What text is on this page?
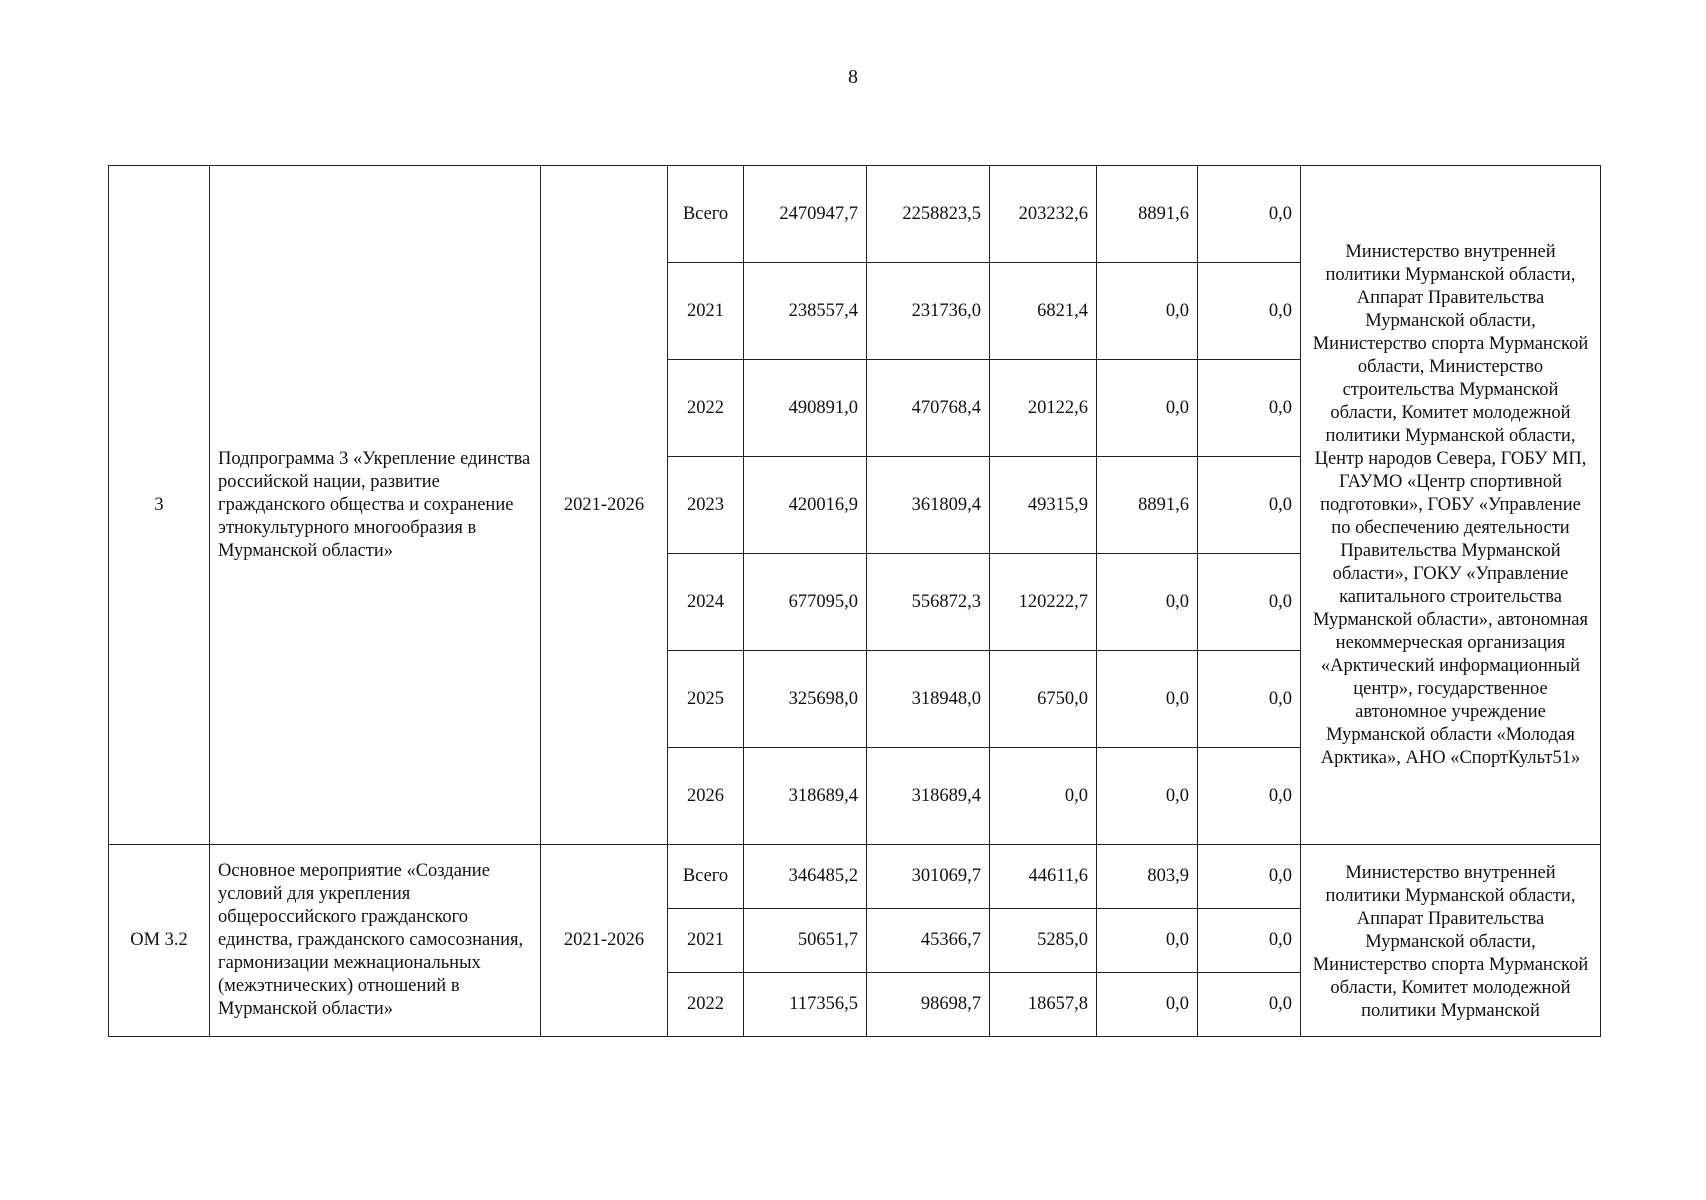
8
3	Подпрограмма 3 «Укрепление единства российской нации, развитие гражданского общества и сохранение этнокультурного многообразия в Мурманской области»	2021-2026	Всего	2470947,7	2258823,5	203232,6	8891,6	0,0	Министерство внутренней политики Мурманской области, Аппарат Правительства Мурманской области, Министерство спорта Мурманской области, Министерство строительства Мурманской области, Комитет молодежной политики Мурманской области, Центр народов Севера, ГОБУ МП, ГАУМО «Центр спортивной подготовки», ГОБУ «Управление по обеспечению деятельности Правительства Мурманской области», ГОКУ «Управление капитального строительства Мурманской области», автономная некоммерческая организация «Арктический информационный центр», государственное автономное учреждение Мурманской области «Молодая Арктика», АНО «СпортКульт51»
			2021	238557,4	231736,0	6821,4	0,0	0,0	
			2022	490891,0	470768,4	20122,6	0,0	0,0	
			2023	420016,9	361809,4	49315,9	8891,6	0,0	
			2024	677095,0	556872,3	120222,7	0,0	0,0	
			2025	325698,0	318948,0	6750,0	0,0	0,0	
			2026	318689,4	318689,4	0,0	0,0	0,0	
ОМ 3.2	Основное мероприятие «Создание условий для укрепления общероссийского гражданского единства, гражданского самосознания, гармонизации межнациональных (межэтнических) отношений в Мурманской области»	2021-2026	Всего	346485,2	301069,7	44611,6	803,9	0,0	Министерство внутренней политики Мурманской области, Аппарат Правительства Мурманской области, Министерство спорта Мурманской области, Комитет молодежной политики Мурманской
			2021	50651,7	45366,7	5285,0	0,0	0,0	
			2022	117356,5	98698,7	18657,8	0,0	0,0	
